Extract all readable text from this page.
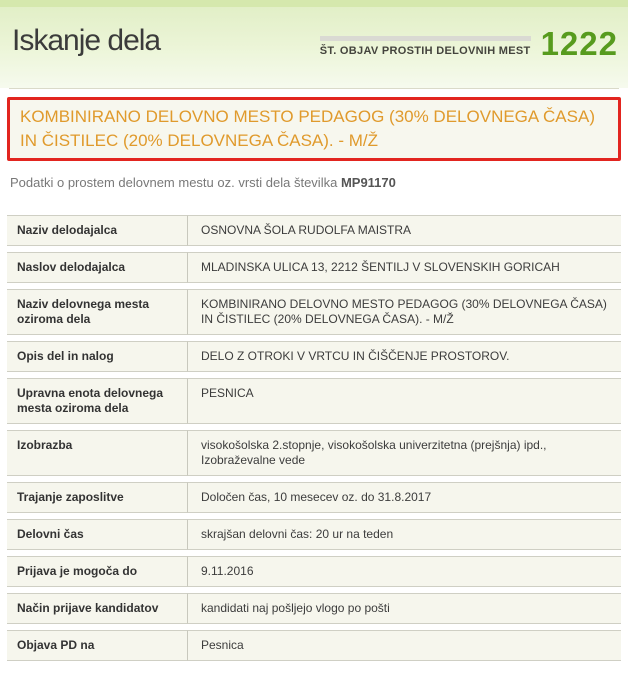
Iskanje dela	ŠT. OBJAV PROSTIH DELOVNIH MEST 1222
KOMBINIRANO DELOVNO MESTO PEDAGOG (30% DELOVNEGA ČASA) IN ČISTILEC (20% DELOVNEGA ČASA). - M/Ž
Podatki o prostem delovnem mestu oz. vrsti dela številka MP91170
Naziv delodajalca	OSNOVNA ŠOLA RUDOLFA MAISTRA
Naslov delodajalca	MLADINSKA ULICA 13, 2212 ŠENTILJ V SLOVENSKIH GORICAH
Naziv delovnega mesta oziroma dela	KOMBINIRANO DELOVNO MESTO PEDAGOG (30% DELOVNEGA ČASA) IN ČISTILEC (20% DELOVNEGA ČASA). - M/Ž
Opis del in nalog	DELO Z OTROKI V VRTCU IN ČIŠČENJE PROSTOROV.
Upravna enota delovnega mesta oziroma dela	PESNICA
Izobrazba	visokošolska 2.stopnje, visokošolska univerzitetna (prejšnja) ipd., Izobraževalne vede
Trajanje zaposlitve	Določen čas, 10 mesecev oz. do 31.8.2017
Delovni čas	skrajšan delovni čas: 20 ur na teden
Prijava je mogoča do	9.11.2016
Način prijave kandidatov	kandidati naj pošljejo vlogo po pošti
Objava PD na	Pesnica
